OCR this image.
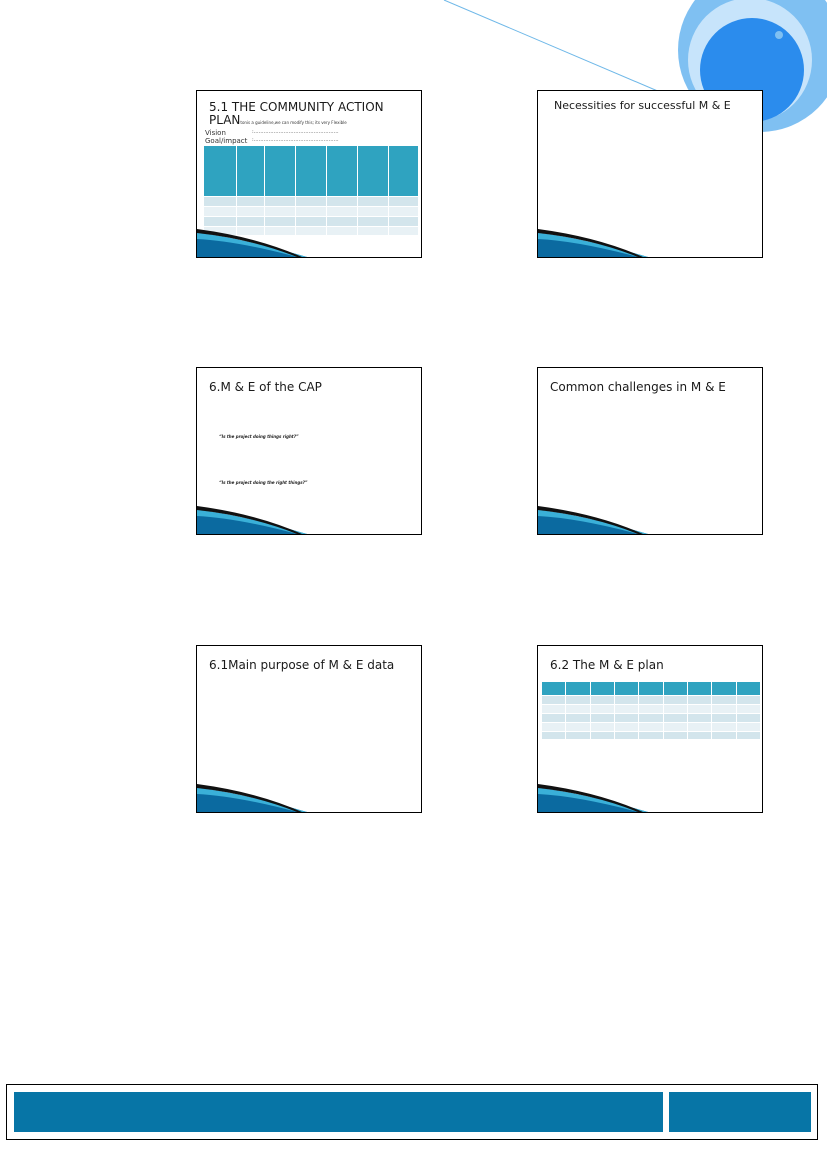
5.1 THE COMMUNITY ACTION
PLANtonis a guideline,we can modify this; its very Flexible
Vision	:……………………………………………
Goal/impact :……………………………………………
Necessities for successful M & E
6.M & E of the CAP
“Is the project doing things right?”
“Is the project doing the right things?”
Common challenges in M & E
6.1Main purpose of M & E data	6.2 The M & E plan
